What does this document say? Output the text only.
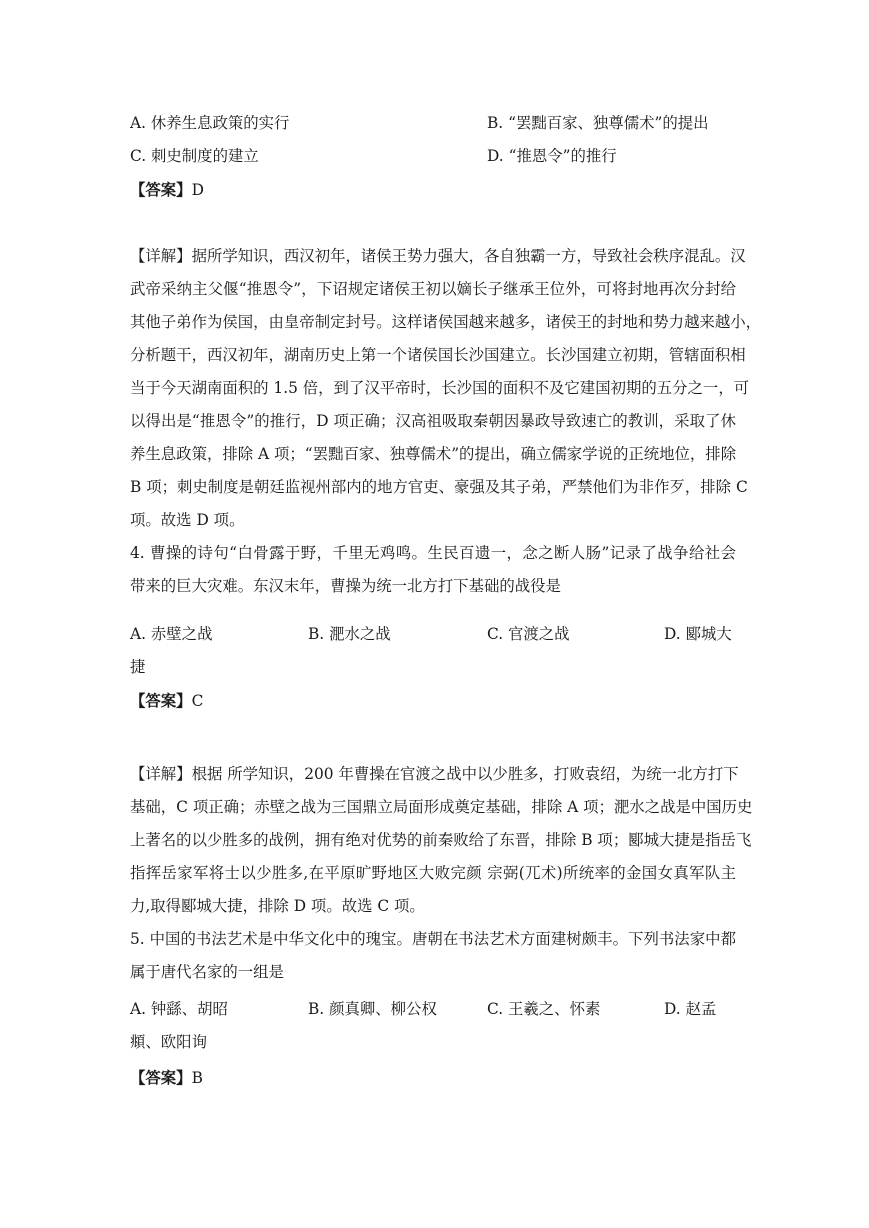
A. 休养生息政策的实行	B. “罢黜百家、独尊儒术”的提出
C. 刺史制度的建立	D. “推恩令”的推行
【答案】D
【详解】据所学知识，西汉初年，诸侯王势力强大，各自独霸一方，导致社会秩序混乱。汉
武帝采纳主父偃“推恩令”，下诏规定诸侯王初以嫡长子继承王位外，可将封地再次分封给
其他子弟作为侯国，由皇帝制定封号。这样诸侯国越来越多，诸侯王的封地和势力越来越小，
分析题干，西汉初年，湖南历史上第一个诸侯国长沙国建立。长沙国建立初期，管辖面积相
当于今天湖南面积的 1.5 倍，到了汉平帝时，长沙国的面积不及它建国初期的五分之一，可
以得出是“推恩令”的推行，D 项正确；汉高祖吸取秦朝因暴政导致速亡的教训，采取了休
养生息政策，排除 A 项；“罢黜百家、独尊儒术”的提出，确立儒家学说的正统地位，排除
B 项；刺史制度是朝廷监视州部内的地方官吏、豪强及其子弟，严禁他们为非作歹，排除 C
项。故选 D 项。
4. 曹操的诗句“白骨露于野，千里无鸡鸣。生民百遗一，念之断人肠”记录了战争给社会
带来的巨大灾难。东汉末年，曹操为统一北方打下基础的战役是
A. 赤壁之战	B. 淝水之战	C. 官渡之战	D. 郾城大
捷
【答案】C
【详解】根据 所学知识，200 年曹操在官渡之战中以少胜多，打败袁绍，为统一北方打下
基础，C 项正确；赤壁之战为三国鼎立局面形成奠定基础，排除 A 项；淝水之战是中国历史
上著名的以少胜多的战例，拥有绝对优势的前秦败给了东晋，排除 B 项；郾城大捷是指岳飞
指挥岳家军将士以少胜多,在平原旷野地区大败完颜 宗弼(兀术)所统率的金国女真军队主
力,取得郾城大捷，排除 D 项。故选 C 项。
5. 中国的书法艺术是中华文化中的瑰宝。唐朝在书法艺术方面建树颇丰。下列书法家中都
属于唐代名家的一组是
A. 钟繇、胡昭	B. 颜真卿、柳公权	C. 王羲之、怀素	D. 赵孟
頫、欧阳询
【答案】B
